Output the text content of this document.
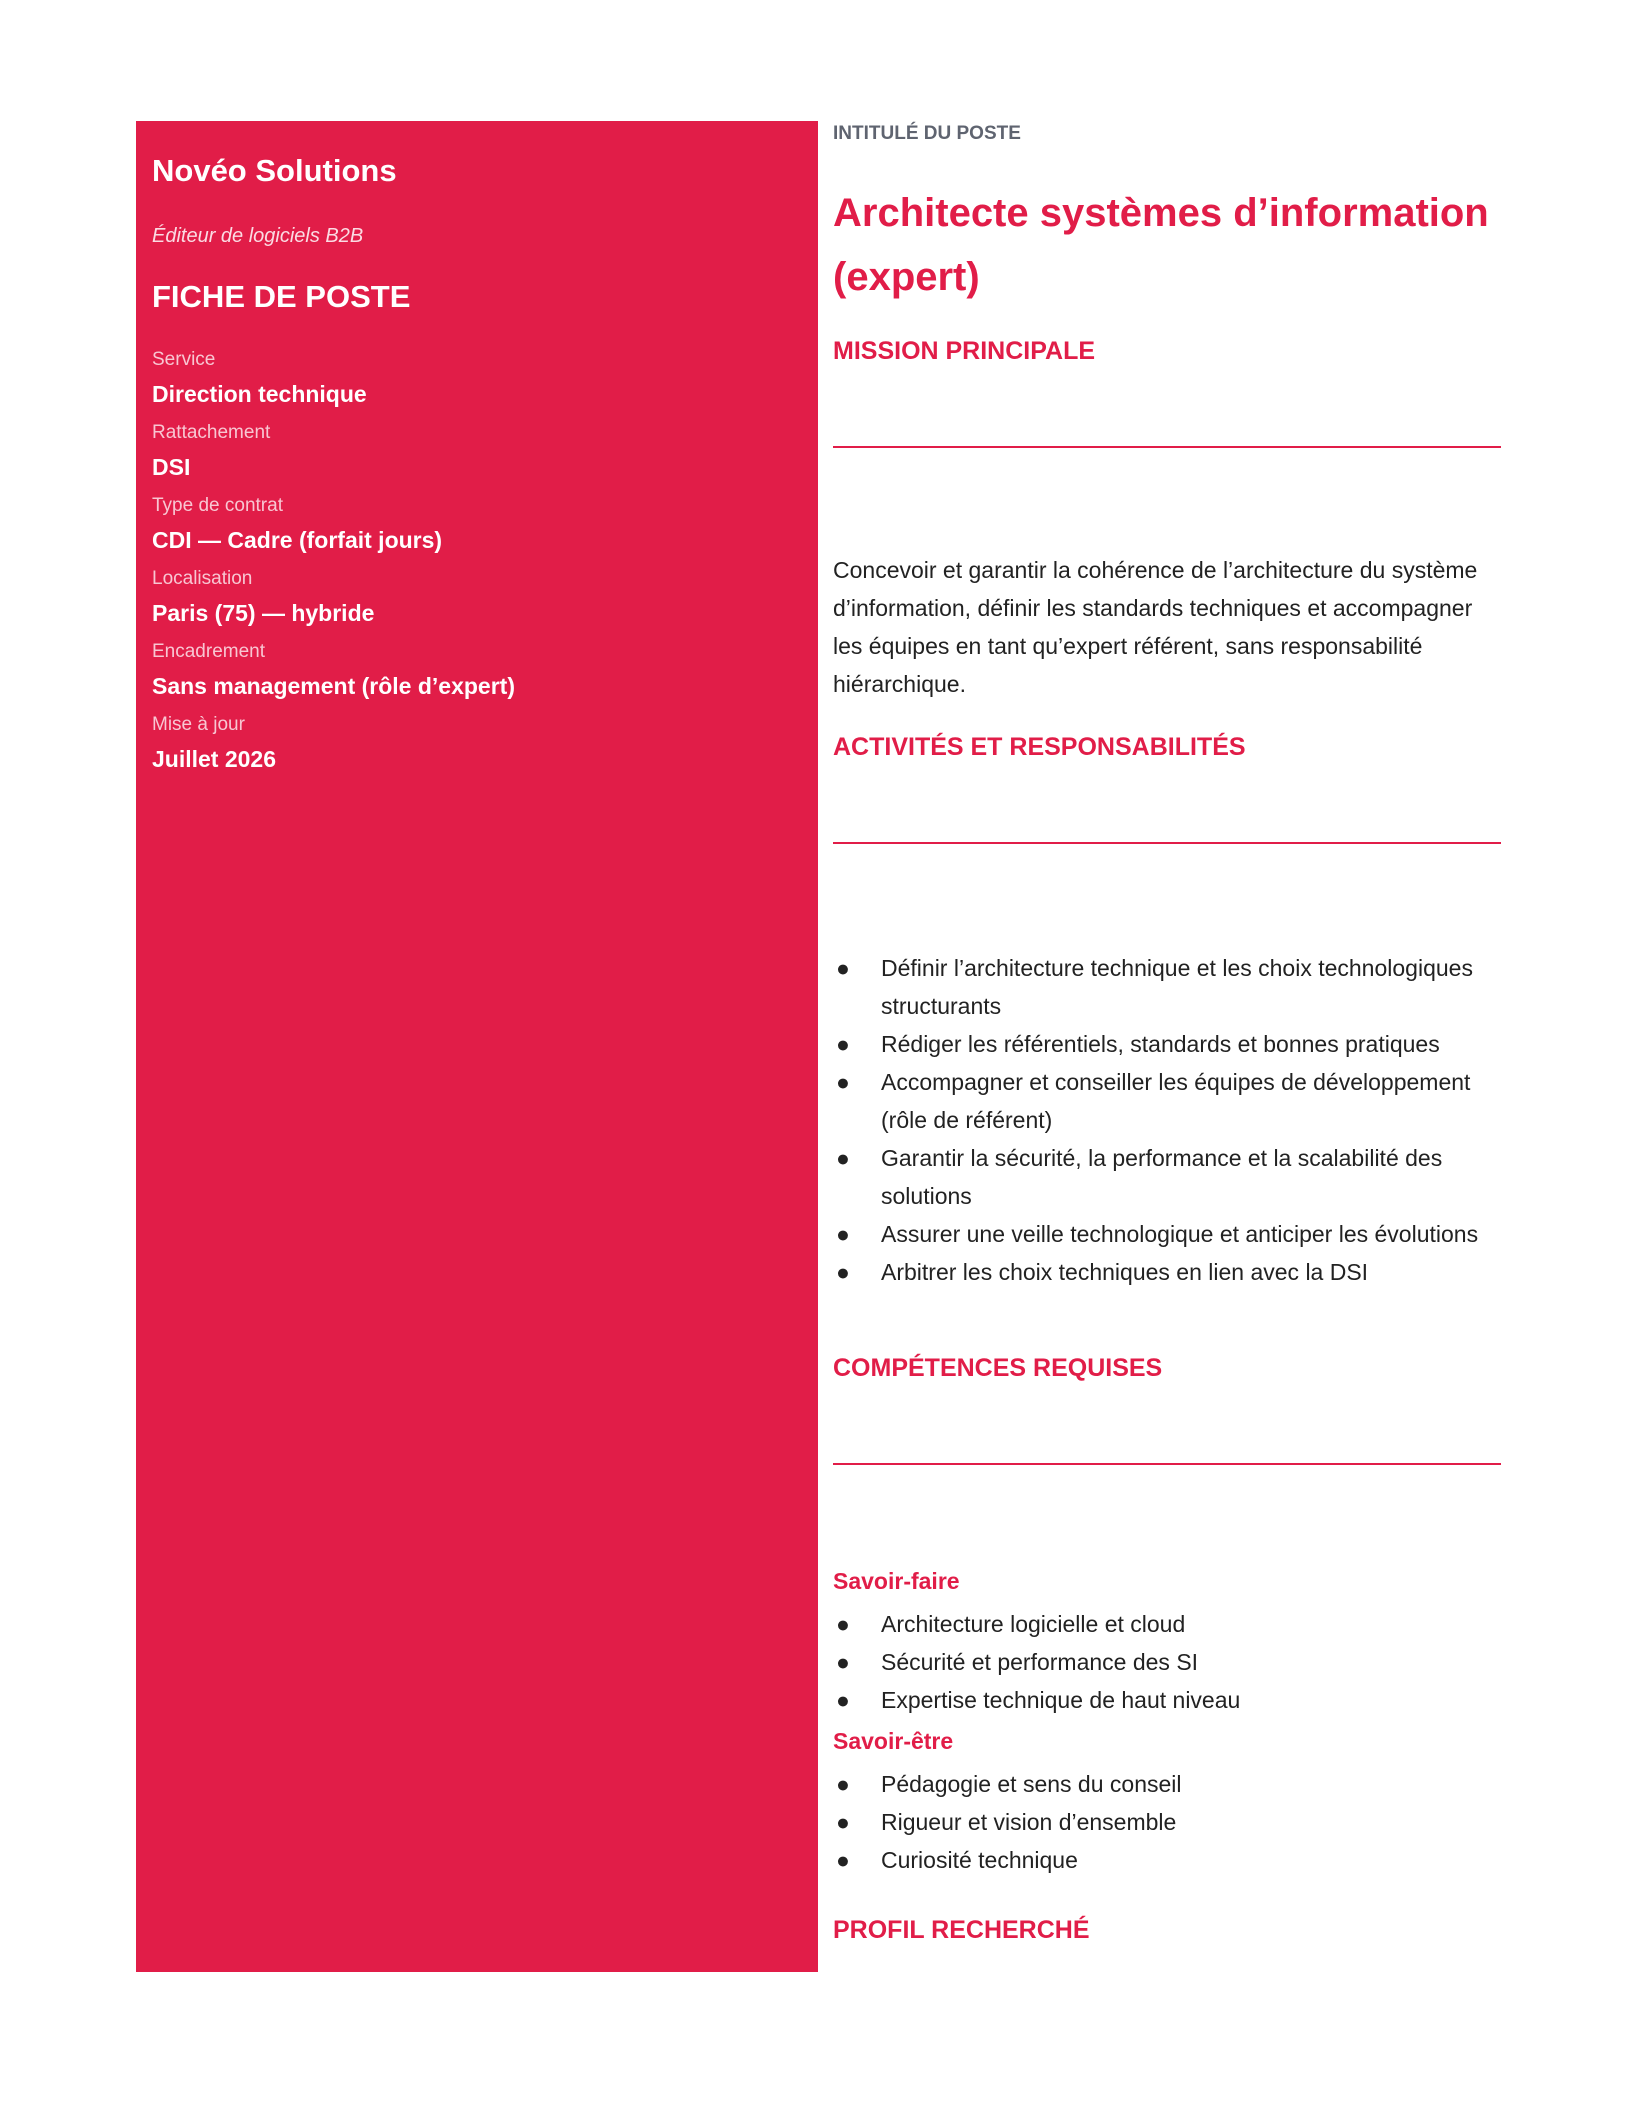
Novéo Solutions
Éditeur de logiciels B2B
FICHE DE POSTE
Service
Direction technique
Rattachement
DSI
Type de contrat
CDI — Cadre (forfait jours)
Localisation
Paris (75) — hybride
Encadrement
Sans management (rôle d’expert)
Mise à jour
Juillet 2026
INTITULÉ DU POSTE
Architecte systèmes d’information (expert)
MISSION PRINCIPALE
Concevoir et garantir la cohérence de l’architecture du système d’information, définir les standards techniques et accompagner les équipes en tant qu’expert référent, sans responsabilité hiérarchique.
ACTIVITÉS ET RESPONSABILITÉS
● Définir l’architecture technique et les choix technologiques structurants
● Rédiger les référentiels, standards et bonnes pratiques
● Accompagner et conseiller les équipes de développement (rôle de référent)
● Garantir la sécurité, la performance et la scalabilité des solutions
● Assurer une veille technologique et anticiper les évolutions
● Arbitrer les choix techniques en lien avec la DSI
COMPÉTENCES REQUISES
Savoir-faire
● Architecture logicielle et cloud
● Sécurité et performance des SI
● Expertise technique de haut niveau
Savoir-être
● Pédagogie et sens du conseil
● Rigueur et vision d’ensemble
● Curiosité technique
PROFIL RECHERCHÉ
